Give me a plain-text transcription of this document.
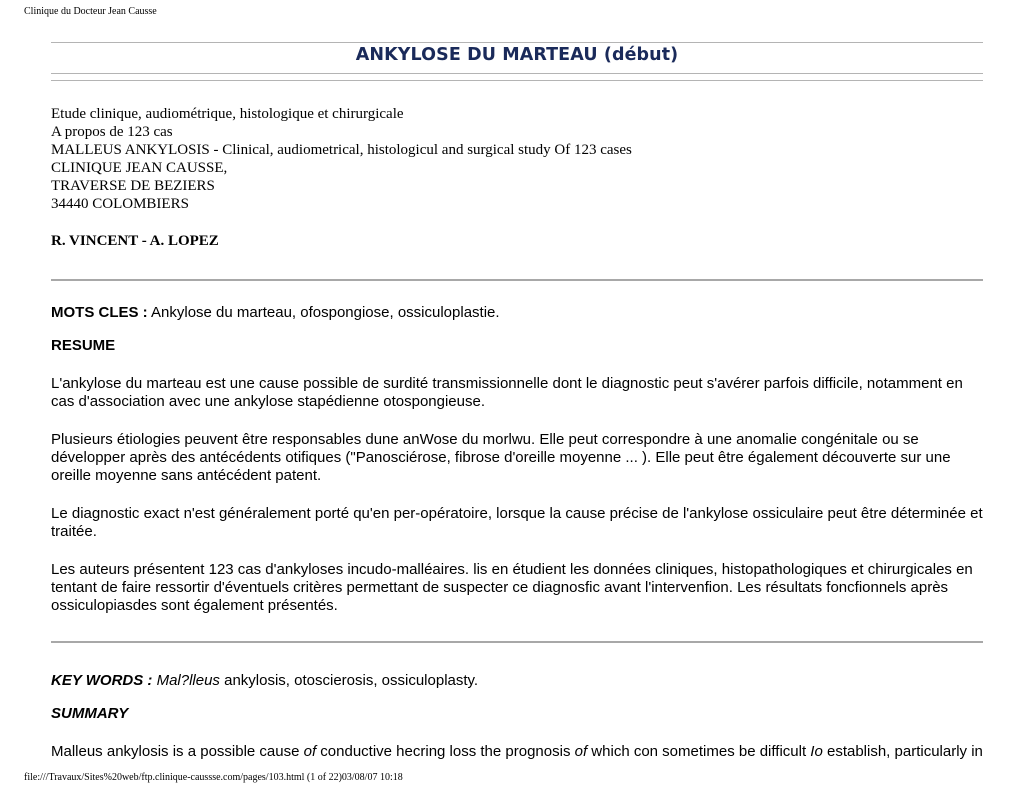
Clinique du Docteur Jean Causse
ANKYLOSE DU MARTEAU (début)
Etude clinique, audiométrique, histologique et chirurgicale
A propos de 123 cas
MALLEUS ANKYLOSIS - Clinical, audiometrical, histologicul and surgical study Of 123 cases
CLINIQUE JEAN CAUSSE,
TRAVERSE DE BEZIERS
34440 COLOMBIERS
R. VINCENT - A. LOPEZ
MOTS CLES : Ankylose du marteau, ofospongiose, ossiculoplastie.
RESUME

L'ankylose du marteau est une cause possible de surdité transmissionnelle dont le diagnostic peut s'avérer parfois difficile, notamment en cas d'association avec une ankylose stapédienne otospongieuse.

Plusieurs étiologies peuvent être responsables dune anWose du morlwu. Elle peut correspondre à une anomalie congénitale ou se développer après des antécédents otifiques ("Panosciérose, fibrose d'oreille moyenne ... ). Elle peut être également découverte sur une oreille moyenne sans antécédent patent.

Le diagnostic exact n'est généralement porté qu'en per-opératoire, lorsque la cause précise de l'ankylose ossiculaire peut être déterminée et traitée.

Les auteurs présentent 123 cas d'ankyloses incudo-malléaires. lis en étudient les données cliniques, histopathologiques et chirurgicales en tentant de faire ressortir d'éventuels critères permettant de suspecter ce diagnosfic avant l'intervenfion. Les résultats foncfionnels après ossiculopiasdes sont également présentés.

KEY WORDS : Mal?lleus ankylosis, otoscierosis, ossiculoplasty.
SUMMARY
Malleus ankylosis is a possible cause of conductive hecring loss the prognosis of which con sometimes be difficult Io establish, particularly in
file:///Travaux/Sites%20web/ftp.clinique-caussse.com/pages/103.html (1 of 22)03/08/07 10:18
